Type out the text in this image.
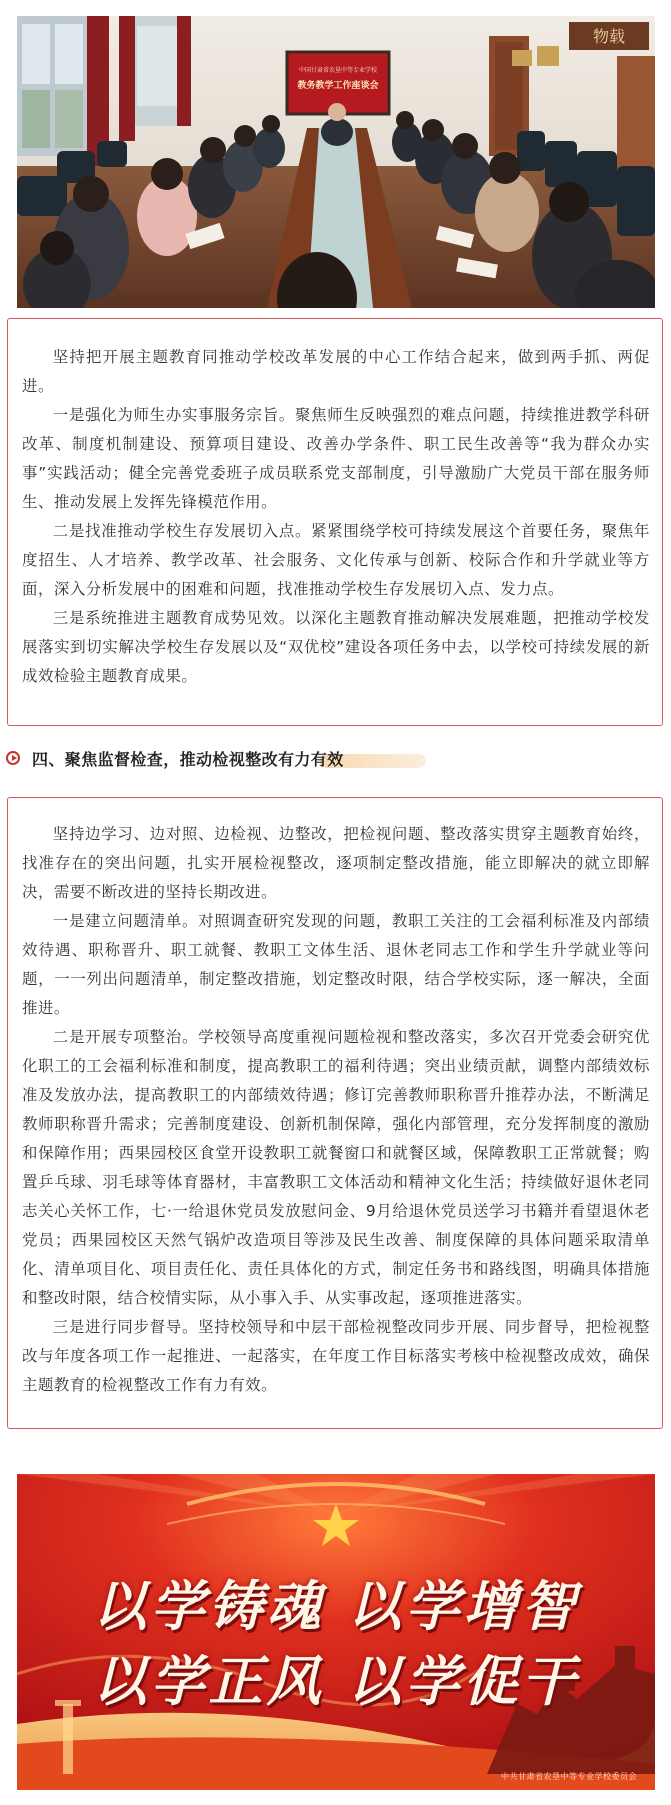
物载
中国甘肃省农垦中等专业学校
教务教学工作座谈会

坚持把开展主题教育同推动学校改革发展的中心工作结合起来，做到两手抓、两促进。

一是强化为师生办实事服务宗旨。聚焦师生反映强烈的难点问题，持续推进教学科研改革、制度机制建设、预算项目建设、改善办学条件、职工民生改善等“我为群众办实事”实践活动；健全完善党委班子成员联系党支部制度，引导激励广大党员干部在服务师生、推动发展上发挥先锋模范作用。

二是找准推动学校生存发展切入点。紧紧围绕学校可持续发展这个首要任务，聚焦年度招生、人才培养、教学改革、社会服务、文化传承与创新、校际合作和升学就业等方面，深入分析发展中的困难和问题，找准推动学校生存发展切入点、发力点。

三是系统推进主题教育成势见效。以深化主题教育推动解决发展难题，把推动学校发展落实到切实解决学校生存发展以及“双优校”建设各项任务中去，以学校可持续发展的新成效检验主题教育成果。

四、聚焦监督检查，推动检视整改有力有效

坚持边学习、边对照、边检视、边整改，把检视问题、整改落实贯穿主题教育始终，找准存在的突出问题，扎实开展检视整改，逐项制定整改措施，能立即解决的就立即解决，需要不断改进的坚持长期改进。

一是建立问题清单。对照调查研究发现的问题，教职工关注的工会福利标准及内部绩效待遇、职称晋升、职工就餐、教职工文体生活、退休老同志工作和学生升学就业等问题，一一列出问题清单，制定整改措施，划定整改时限，结合学校实际，逐一解决，全面推进。

二是开展专项整治。学校领导高度重视问题检视和整改落实，多次召开党委会研究优化职工的工会福利标准和制度，提高教职工的福利待遇；突出业绩贡献，调整内部绩效标准及发放办法，提高教职工的内部绩效待遇；修订完善教师职称晋升推荐办法，不断满足教师职称晋升需求；完善制度建设、创新机制保障，强化内部管理，充分发挥制度的激励和保障作用；西果园校区食堂开设教职工就餐窗口和就餐区域，保障教职工正常就餐；购置乒乓球、羽毛球等体育器材，丰富教职工文体活动和精神文化生活；持续做好退休老同志关心关怀工作，七·一给退休党员发放慰问金、9月给退休党员送学习书籍并看望退休老党员；西果园校区天然气锅炉改造项目等涉及民生改善、制度保障的具体问题采取清单化、清单项目化、项目责任化、责任具体化的方式，制定任务书和路线图，明确具体措施和整改时限，结合校情实际，从小事入手、从实事改起，逐项推进落实。

三是进行同步督导。坚持校领导和中层干部检视整改同步开展、同步督导，把检视整改与年度各项工作一起推进、一起落实，在年度工作目标落实考核中检视整改成效，确保主题教育的检视整改工作有力有效。

以学铸魂 以学增智
以学正风 以学促干
中共甘肃省农垦中等专业学校委员会
